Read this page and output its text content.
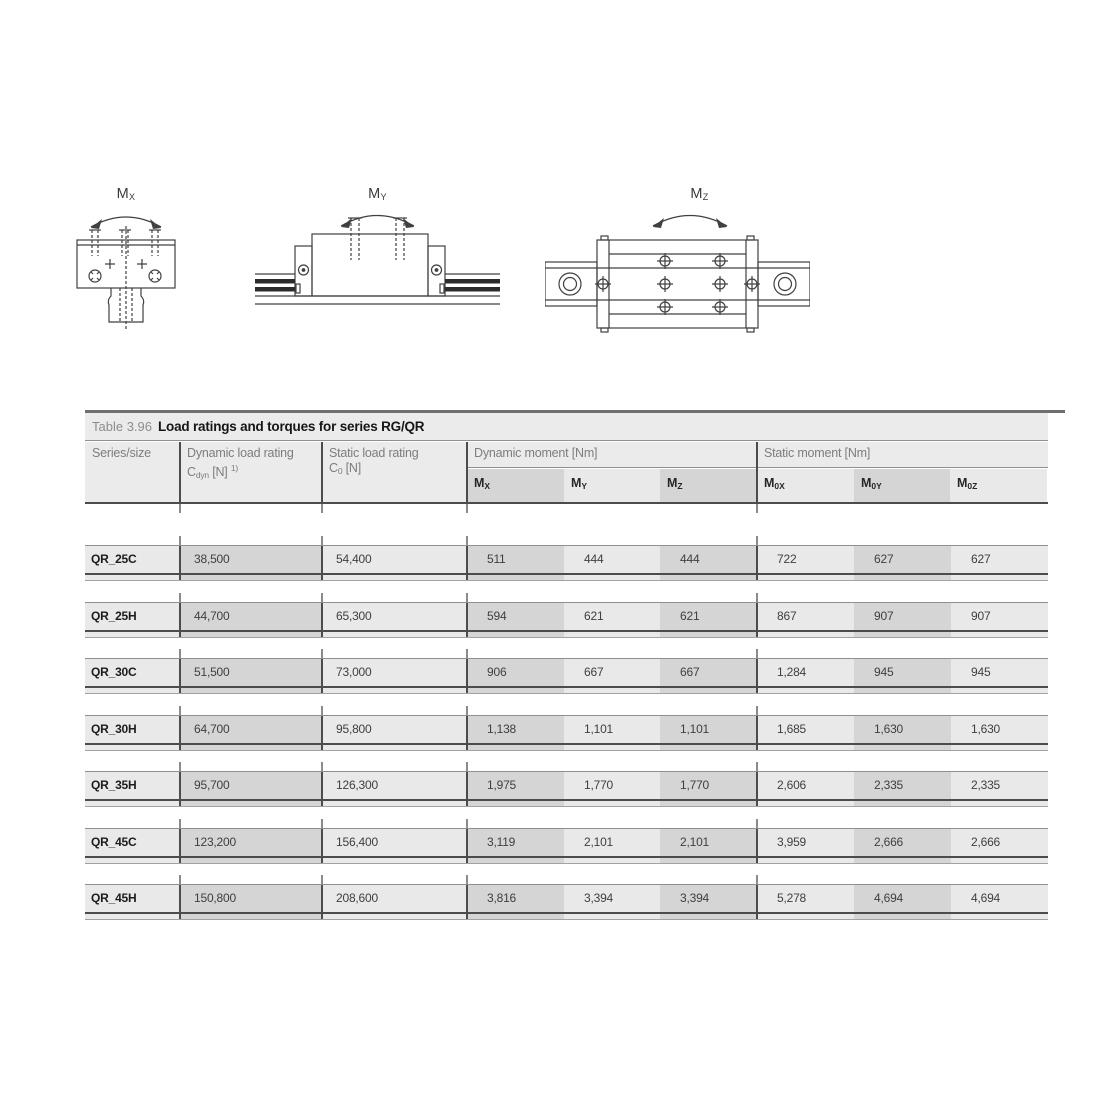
MX	MY	MZ
Table 3.96 Load ratings and torques for series RG/QR
Series/size	Dynamic load rating
Cdyn [N] $^{1)}$
Static load rating
C0 [N]
Dynamic moment [Nm]
MX	MY	MZ
Static moment [Nm]
M0X	M0Y	M0Z
QR_25C	38,500	54,400	511	444	444	722	627	627
QR_25H	44,700	65,300	594	621	621	867	907	907
QR_30C	51,500	73,000	906	667	667	1,284	945	945
QR_30H	64,700	95,800	1,138	1,101	1,101	1,685	1,630	1,630
QR_35H	95,700	126,300	1,975	1,770	1,770	2,606	2,335	2,335
QR_45C	123,200	156,400	3,119	2,101	2,101	3,959	2,666	2,666
QR_45H	150,800	208,600	3,816	3,394	3,394	5,278	4,694	4,694
